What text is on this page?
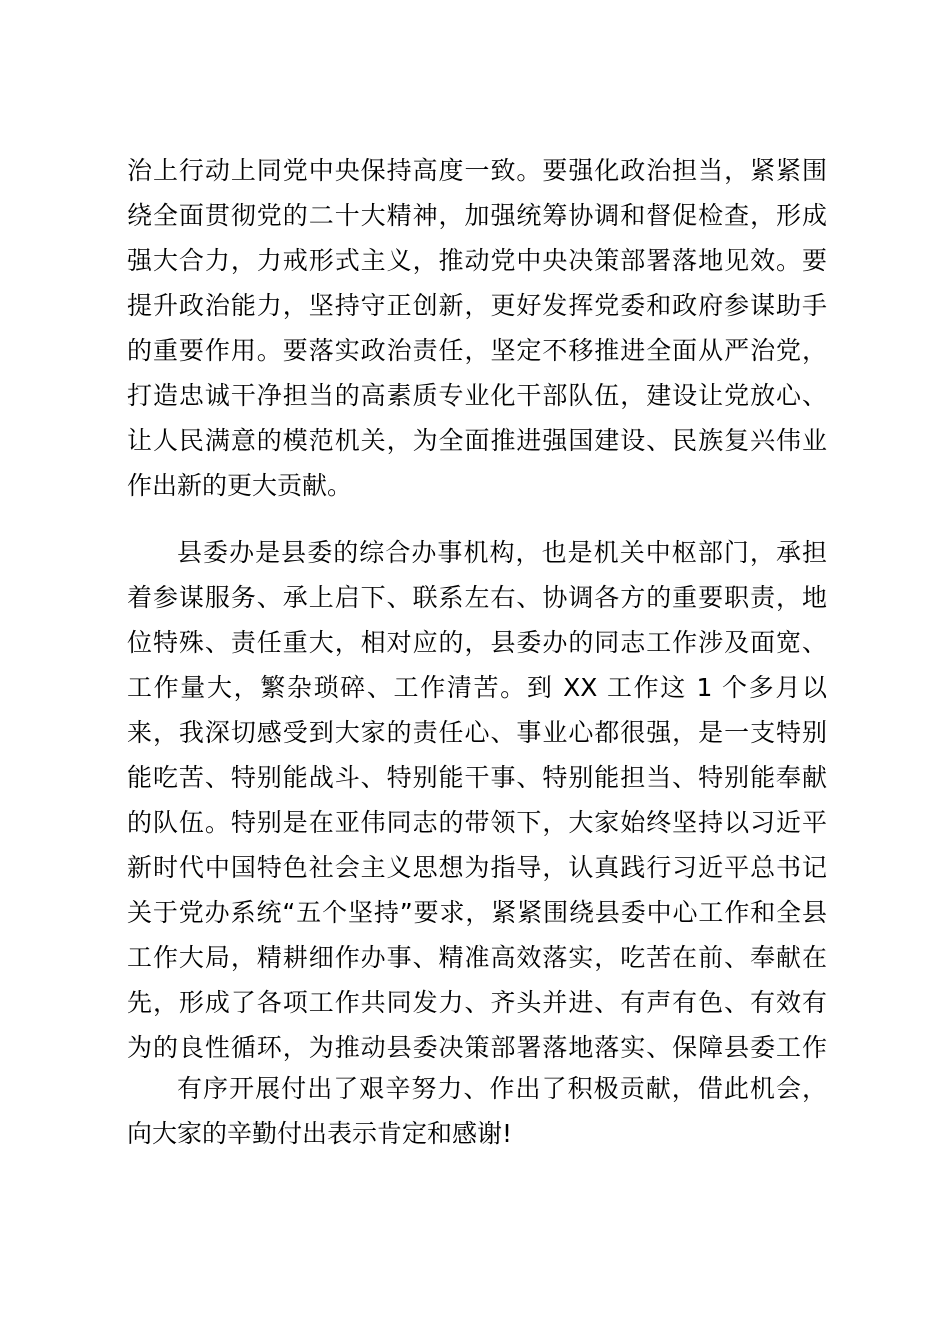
治上行动上同党中央保持高度一致。要强化政治担当，紧紧围
绕全面贯彻党的二十大精神，加强统筹协调和督促检查，形成
强大合力，力戒形式主义，推动党中央决策部署落地见效。要
提升政治能力，坚持守正创新，更好发挥党委和政府参谋助手
的重要作用。要落实政治责任，坚定不移推进全面从严治党，
打造忠诚干净担当的高素质专业化干部队伍，建设让党放心、
让人民满意的模范机关，为全面推进强国建设、民族复兴伟业
作出新的更大贡献。
县委办是县委的综合办事机构，也是机关中枢部门，承担
着参谋服务、承上启下、联系左右、协调各方的重要职责，地
位特殊、责任重大，相对应的，县委办的同志工作涉及面宽、
工作量大，繁杂琐碎、工作清苦。到 XX 工作这 1 个多月以
来，我深切感受到大家的责任心、事业心都很强，是一支特别
能吃苦、特别能战斗、特别能干事、特别能担当、特别能奉献
的队伍。特别是在亚伟同志的带领下，大家始终坚持以习近平
新时代中国特色社会主义思想为指导，认真践行习近平总书记
关于党办系统“五个坚持”要求，紧紧围绕县委中心工作和全县
工作大局，精耕细作办事、精准高效落实，吃苦在前、奉献在
先，形成了各项工作共同发力、齐头并进、有声有色、有效有
为的良性循环，为推动县委决策部署落地落实、保障县委工作
有序开展付出了艰辛努力、作出了积极贡献，借此机会，
向大家的辛勤付出表示肯定和感谢!
